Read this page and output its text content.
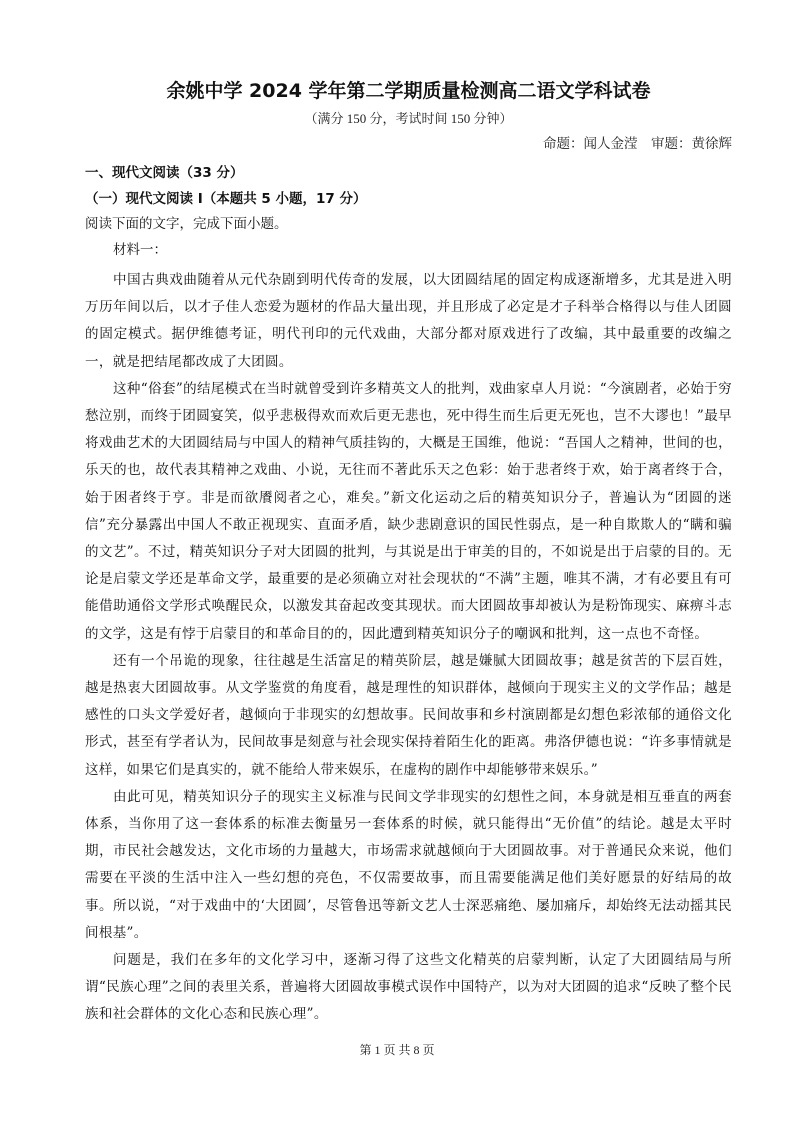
余姚中学 2024 学年第二学期质量检测高二语文学科试卷
（满分 150 分，考试时间 150 分钟）
命题：闻人金滢　审题：黄徐辉
一、现代文阅读（33 分）
（一）现代文阅读 I（本题共 5 小题，17 分）
阅读下面的文字，完成下面小题。
材料一：

中国古典戏曲随着从元代杂剧到明代传奇的发展，以大团圆结尾的固定构成逐渐增多，尤其是进入明万历年间以后，以才子佳人恋爱为题材的作品大量出现，并且形成了必定是才子科举合格得以与佳人团圆的固定模式。据伊维德考证，明代刊印的元代戏曲，大部分都对原戏进行了改编，其中最重要的改编之一，就是把结尾都改成了大团圆。

这种“俗套”的结尾模式在当时就曾受到许多精英文人的批判，戏曲家卓人月说：“今演剧者，必始于穷愁泣别，而终于团圆宴笑，似乎悲极得欢而欢后更无悲也，死中得生而生后更无死也，岂不大谬也！”最早将戏曲艺术的大团圆结局与中国人的精神气质挂钩的，大概是王国维，他说：“吾国人之精神，世间的也，乐天的也，故代表其精神之戏曲、小说，无往而不著此乐天之色彩：始于悲者终于欢，始于离者终于合，始于困者终于亨。非是而欲餍阅者之心，难矣。”新文化运动之后的精英知识分子，普遍认为“团圆的迷信”充分暴露出中国人不敢正视现实、直面矛盾，缺少悲剧意识的国民性弱点，是一种自欺欺人的“瞒和骗的文艺”。不过，精英知识分子对大团圆的批判，与其说是出于审美的目的，不如说是出于启蒙的目的。无论是启蒙文学还是革命文学，最重要的是必须确立对社会现状的“不满”主题，唯其不满，才有必要且有可能借助通俗文学形式唤醒民众，以激发其奋起改变其现状。而大团圆故事却被认为是粉饰现实、麻痹斗志的文学，这是有悖于启蒙目的和革命目的的，因此遭到精英知识分子的嘲讽和批判，这一点也不奇怪。

还有一个吊诡的现象，往往越是生活富足的精英阶层，越是嫌腻大团圆故事；越是贫苦的下层百姓，越是热衷大团圆故事。从文学鉴赏的角度看，越是理性的知识群体，越倾向于现实主义的文学作品；越是感性的口头文学爱好者，越倾向于非现实的幻想故事。民间故事和乡村演剧都是幻想色彩浓郁的通俗文化形式，甚至有学者认为，民间故事是刻意与社会现实保持着陌生化的距离。弗洛伊德也说：“许多事情就是这样，如果它们是真实的，就不能给人带来娱乐，在虚构的剧作中却能够带来娱乐。”

由此可见，精英知识分子的现实主义标准与民间文学非现实的幻想性之间，本身就是相互垂直的两套体系，当你用了这一套体系的标准去衡量另一套体系的时候，就只能得出“无价值”的结论。越是太平时期，市民社会越发达，文化市场的力量越大，市场需求就越倾向于大团圆故事。对于普通民众来说，他们需要在平淡的生活中注入一些幻想的亮色，不仅需要故事，而且需要能满足他们美好愿景的好结局的故事。所以说，“对于戏曲中的‘大团圆’，尽管鲁迅等新文艺人士深恶痛绝、屡加痛斥，却始终无法动摇其民间根基”。

问题是，我们在多年的文化学习中，逐渐习得了这些文化精英的启蒙判断，认定了大团圆结局与所谓“民族心理”之间的表里关系，普遍将大团圆故事模式误作中国特产，以为对大团圆的追求“反映了整个民族和社会群体的文化心态和民族心理”。

第 1 页 共 8 页
